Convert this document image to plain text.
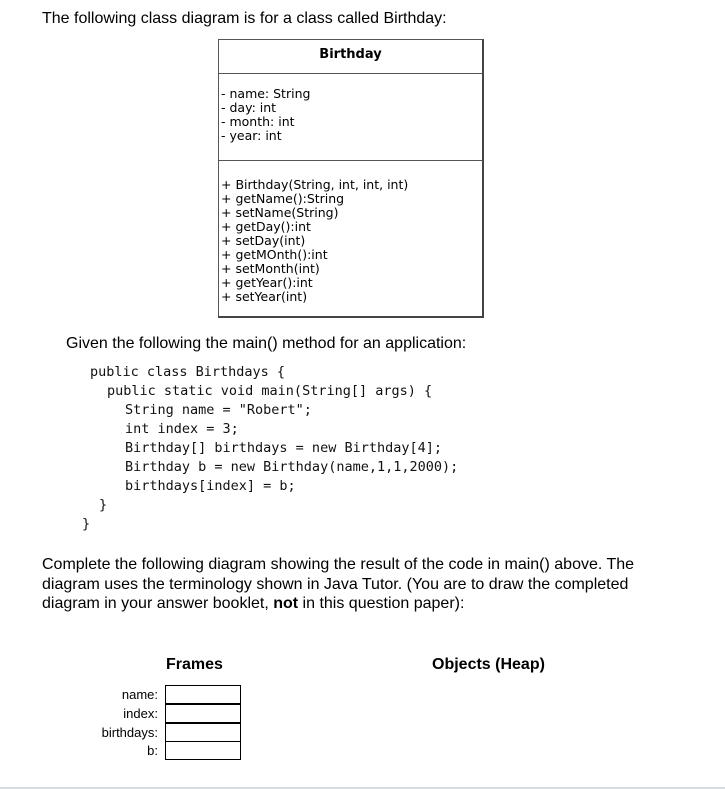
The following class diagram is for a class called Birthday:
Birthday
- name: String
- day: int
- month: int
- year: int
+ Birthday(String, int, int, int)
+ getName():String
+ setName(String)
+ getDay():int
+ setDay(int)
+ getMOnth():int
+ setMonth(int)
+ getYear():int
+ setYear(int)
Given the following the main() method for an application:
public class Birthdays {
public static void main(String[] args) {
String name = "Robert";
int index = 3;
Birthday[] birthdays = new Birthday[4];
Birthday b = new Birthday(name,1,1,2000);
birthdays[index] = b;
}
}
Complete the following diagram showing the result of the code in main() above. The diagram uses the terminology shown in Java Tutor. (You are to draw the completed diagram in your answer booklet, not in this question paper):
Frames	Objects (Heap)
name:
index:
birthdays:
b:
